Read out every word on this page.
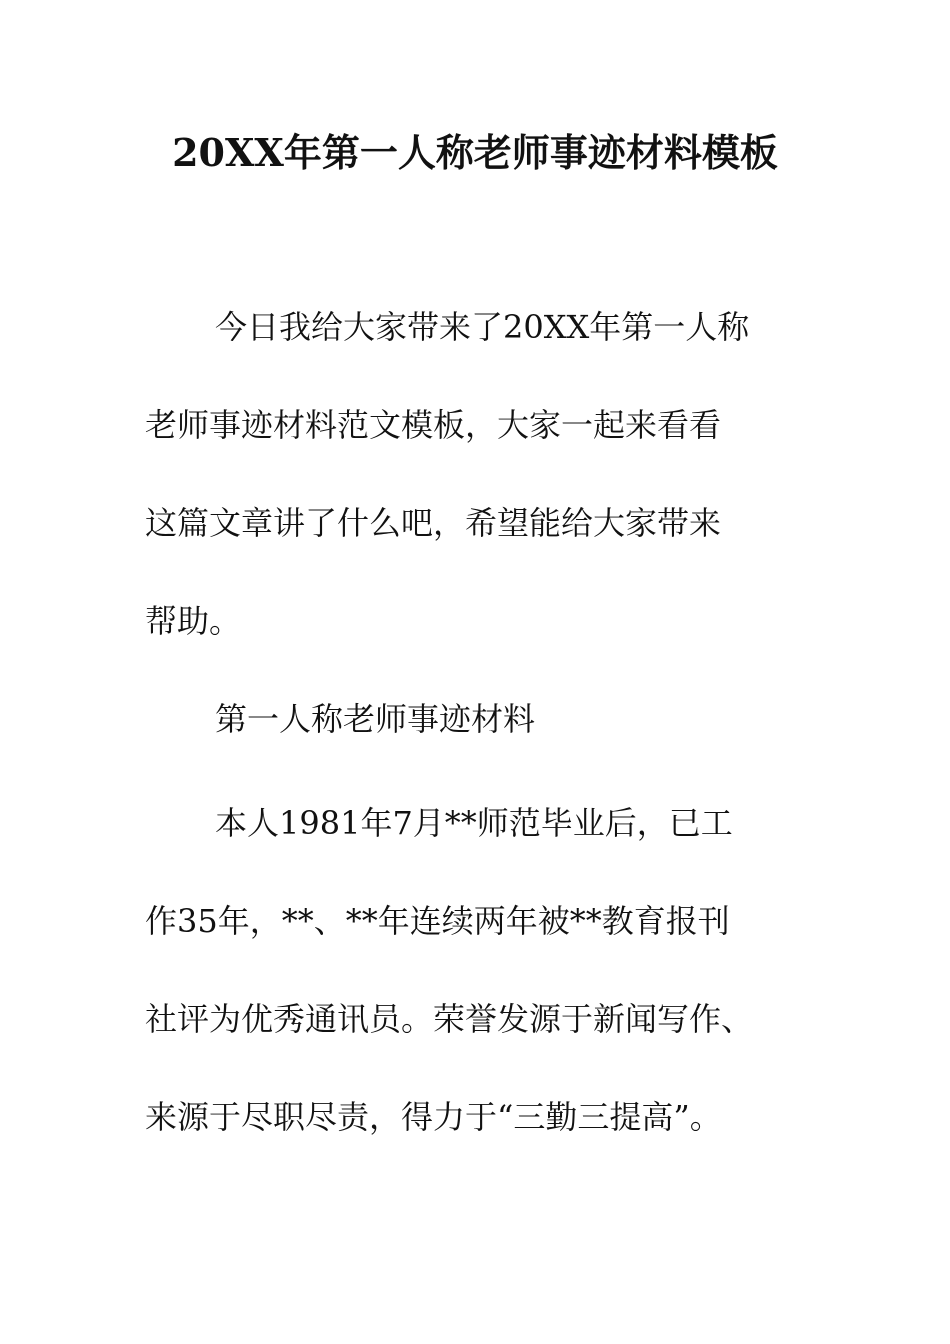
20XX年第一人称老师事迹材料模板
今日我给大家带来了20XX年第一人称
老师事迹材料范文模板，大家一起来看看
这篇文章讲了什么吧，希望能给大家带来
帮助。
第一人称老师事迹材料
本人1981年7月**师范毕业后，已工
作35年，**、**年连续两年被**教育报刊
社评为优秀通讯员。荣誉发源于新闻写作、
来源于尽职尽责，得力于“三勤三提高”。
